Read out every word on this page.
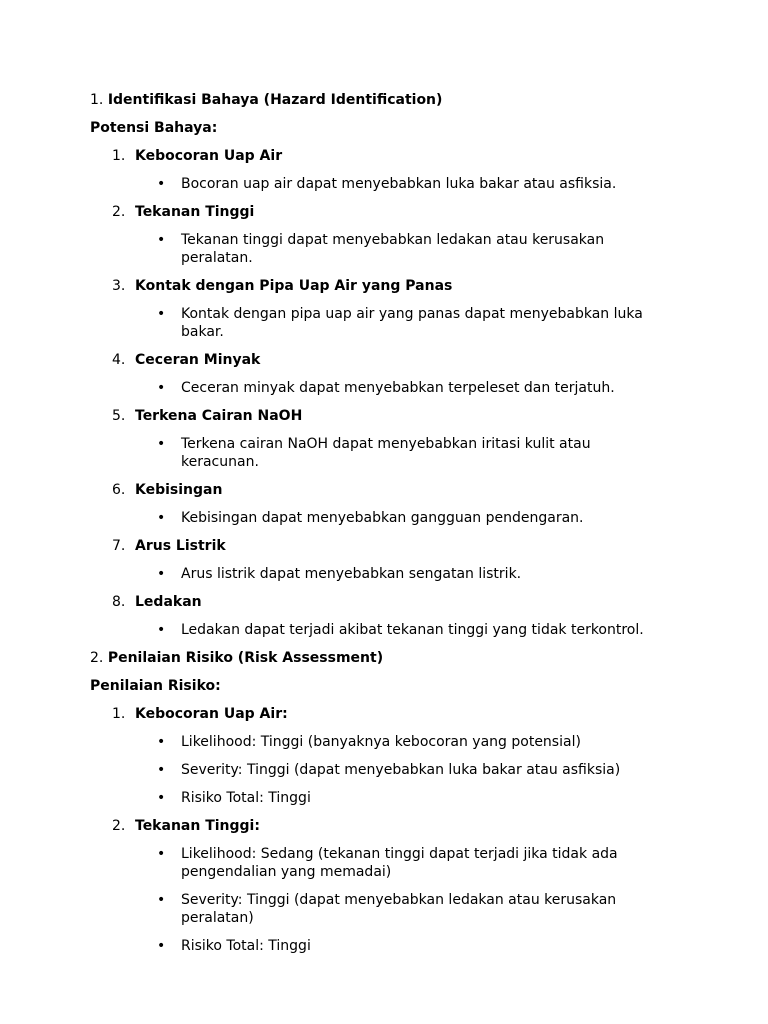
1. Identifikasi Bahaya (Hazard Identification)
Potensi Bahaya:
1. Kebocoran Uap Air
• Bocoran uap air dapat menyebabkan luka bakar atau asfiksia.
2. Tekanan Tinggi
• Tekanan tinggi dapat menyebabkan ledakan atau kerusakan peralatan.
3. Kontak dengan Pipa Uap Air yang Panas
• Kontak dengan pipa uap air yang panas dapat menyebabkan luka bakar.
4. Ceceran Minyak
• Ceceran minyak dapat menyebabkan terpeleset dan terjatuh.
5. Terkena Cairan NaOH
• Terkena cairan NaOH dapat menyebabkan iritasi kulit atau keracunan.
6. Kebisingan
• Kebisingan dapat menyebabkan gangguan pendengaran.
7. Arus Listrik
• Arus listrik dapat menyebabkan sengatan listrik.
8. Ledakan
• Ledakan dapat terjadi akibat tekanan tinggi yang tidak terkontrol.
2. Penilaian Risiko (Risk Assessment)
Penilaian Risiko:
1. Kebocoran Uap Air:
• Likelihood: Tinggi (banyaknya kebocoran yang potensial)
• Severity: Tinggi (dapat menyebabkan luka bakar atau asfiksia)
• Risiko Total: Tinggi
2. Tekanan Tinggi:
• Likelihood: Sedang (tekanan tinggi dapat terjadi jika tidak ada pengendalian yang memadai)
• Severity: Tinggi (dapat menyebabkan ledakan atau kerusakan peralatan)
• Risiko Total: Tinggi
